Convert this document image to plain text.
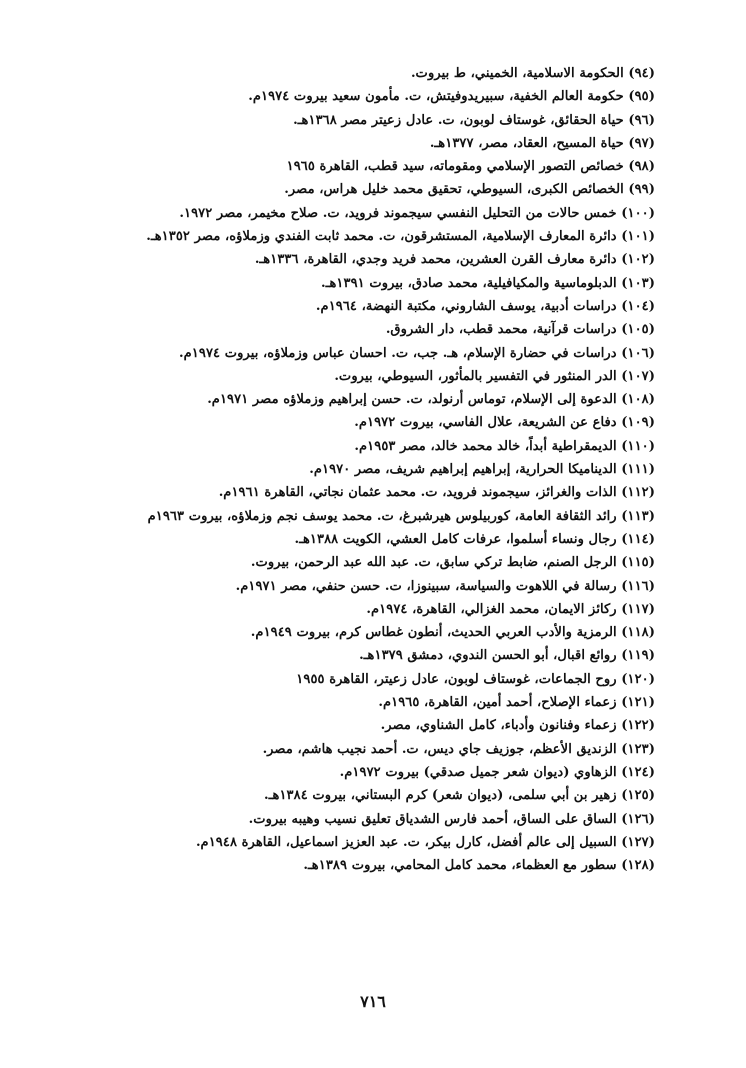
(٩٤) الحكومة الاسلامية، الخميني، ط بيروت.
(٩٥) حكومة العالم الخفية، سبيريدوفيتش، ت. مأمون سعيد بيروت ١٩٧٤م.
(٩٦) حياة الحقائق، غوستاف لوبون، ت. عادل زعيتر مصر ١٣٦٨هـ.
(٩٧) حياة المسيح، العقاد، مصر، ١٣٧٧هـ.
(٩٨) خصائص التصور الإسلامي ومقوماته، سيد قطب، القاهرة ١٩٦٥
(٩٩) الخصائص الكبرى، السيوطي، تحقيق محمد خليل هراس، مصر.
(١٠٠) خمس حالات من التحليل النفسي سيجموند فرويد، ت. صلاح مخيمر، مصر ١٩٧٢.
(١٠١) دائرة المعارف الإسلامية، المستشرقون، ت. محمد ثابت الفندي وزملاؤه، مصر ١٣٥٢هـ.
(١٠٢) دائرة معارف القرن العشرين، محمد فريد وجدي، القاهرة، ١٣٣٦هـ.
(١٠٣) الدبلوماسية والمكيافيلية، محمد صادق، بيروت ١٣٩١هـ.
(١٠٤) دراسات أدبية، يوسف الشاروني، مكتبة النهضة، ١٩٦٤م.
(١٠٥) دراسات قرآنية، محمد قطب، دار الشروق.
(١٠٦) دراسات في حضارة الإسلام، هـ. جب، ت. احسان عباس وزملاؤه، بيروت ١٩٧٤م.
(١٠٧) الدر المنثور في التفسير بالمأثور، السيوطي، بيروت.
(١٠٨) الدعوة إلى الإسلام، توماس أرنولد، ت. حسن إبراهيم وزملاؤه مصر ١٩٧١م.
(١٠٩) دفاع عن الشريعة، علال الفاسي، بيروت ١٩٧٢م.
(١١٠) الديمقراطية أبداً، خالد محمد خالد، مصر ١٩٥٣م.
(١١١) الديناميكا الحرارية، إبراهيم إبراهيم شريف، مصر ١٩٧٠م.
(١١٢) الذات والغرائز، سيجموند فرويد، ت. محمد عثمان نجاتي، القاهرة ١٩٦١م.
(١١٣) رائد الثقافة العامة، كوربيلوس هيرشبرغ، ت. محمد يوسف نجم وزملاؤه، بيروت ١٩٦٣م
(١١٤) رجال ونساء أسلموا، عرفات كامل العشي، الكويت ١٣٨٨هـ.
(١١٥) الرجل الصنم، ضابط تركي سابق، ت. عبد الله عبد الرحمن، بيروت.
(١١٦) رسالة في اللاهوت والسياسة، سبينوزا، ت. حسن حنفي، مصر ١٩٧١م.
(١١٧) ركائز الايمان، محمد الغزالي، القاهرة، ١٩٧٤م.
(١١٨) الرمزية والأدب العربي الحديث، أنطون غطاس كرم، بيروت ١٩٤٩م.
(١١٩) روائع اقبال، أبو الحسن الندوي، دمشق ١٣٧٩هـ.
(١٢٠) روح الجماعات، غوستاف لوبون، عادل زعيتر، القاهرة ١٩٥٥
(١٢١) زعماء الإصلاح، أحمد أمين، القاهرة، ١٩٦٥م.
(١٢٢) زعماء وفنانون وأدباء، كامل الشناوي، مصر.
(١٢٣) الزنديق الأعظم، جوزيف جاي ديس، ت. أحمد نجيب هاشم، مصر.
(١٢٤) الزهاوي (ديوان شعر جميل صدقي) بيروت ١٩٧٢م.
(١٢٥) زهير بن أبي سلمى، (ديوان شعر) كرم البستاني، بيروت ١٣٨٤هـ.
(١٢٦) الساق على الساق، أحمد فارس الشدياق تعليق نسيب وهيبه بيروت.
(١٢٧) السبيل إلى عالم أفضل، كارل بيكر، ت. عبد العزيز اسماعيل، القاهرة ١٩٤٨م.
(١٢٨) سطور مع العظماء، محمد كامل المحامي، بيروت ١٣٨٩هـ.
٧١٦
